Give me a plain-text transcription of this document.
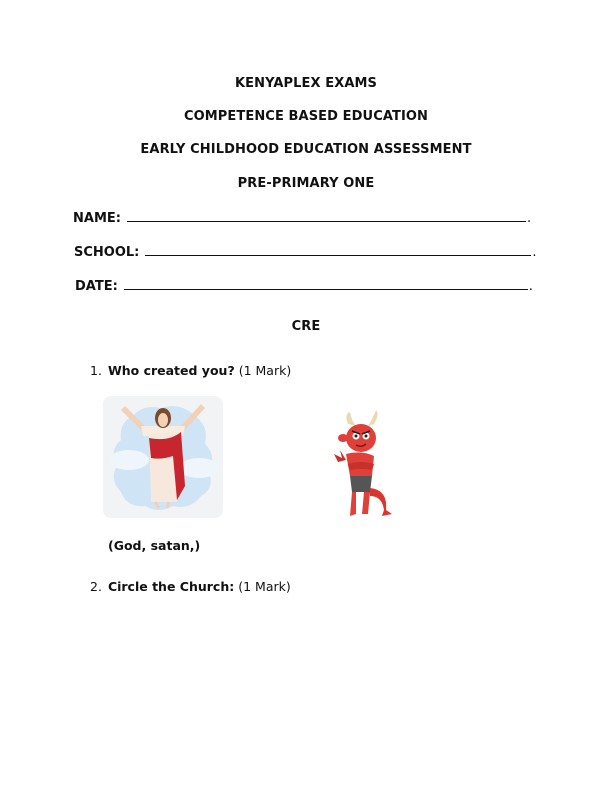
KENYAPLEX EXAMS
COMPETENCE BASED EDUCATION
EARLY CHILDHOOD EDUCATION ASSESSMENT
PRE-PRIMARY ONE
NAME:	.
SCHOOL:	.
DATE:	.
CRE
1. Who created you? (1 Mark)
(God, satan,)
2. Circle the Church: (1 Mark)
